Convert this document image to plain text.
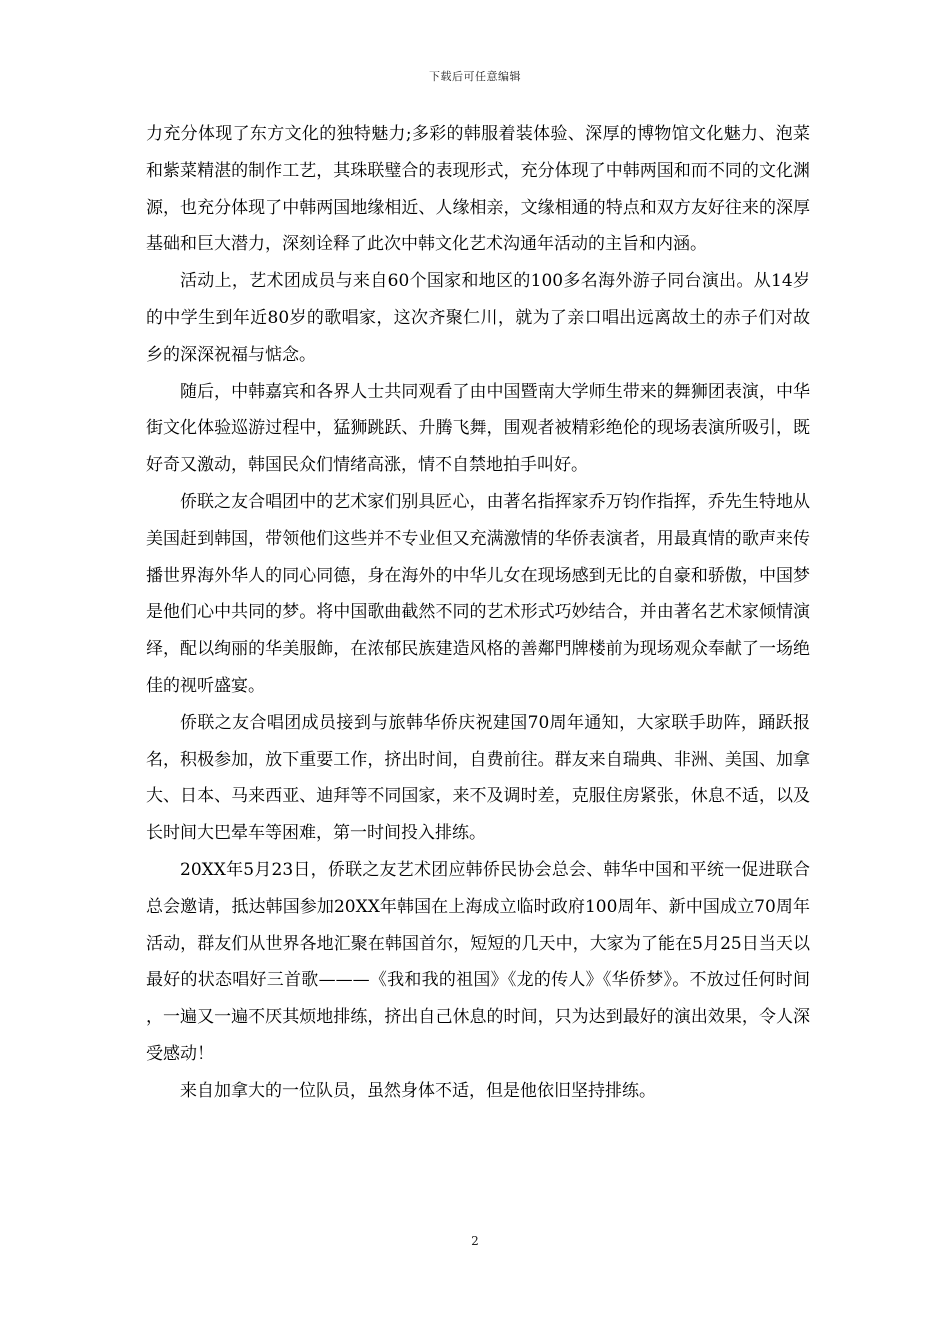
下载后可任意编辑

力充分体现了东方文化的独特魅力;多彩的韩服着装体验、深厚的博物馆文化魅力、泡菜和紫菜精湛的制作工艺，其珠联璧合的表现形式，充分体现了中韩两国和而不同的文化渊源，也充分体现了中韩两国地缘相近、人缘相亲，文缘相通的特点和双方友好往来的深厚基础和巨大潜力，深刻诠释了此次中韩文化艺术沟通年活动的主旨和内涵。

活动上，艺术团成员与来自60个国家和地区的100多名海外游子同台演出。从14岁的中学生到年近80岁的歌唱家，这次齐聚仁川，就为了亲口唱出远离故土的赤子们对故乡的深深祝福与惦念。

随后，中韩嘉宾和各界人士共同观看了由中国暨南大学师生带来的舞狮团表演，中华街文化体验巡游过程中，猛狮跳跃、升腾飞舞，围观者被精彩绝伦的现场表演所吸引，既好奇又激动，韩国民众们情绪高涨，情不自禁地拍手叫好。

侨联之友合唱团中的艺术家们别具匠心，由著名指挥家乔万钧作指挥，乔先生特地从美国赶到韩国，带领他们这些并不专业但又充满激情的华侨表演者，用最真情的歌声来传播世界海外华人的同心同德，身在海外的中华儿女在现场感到无比的自豪和骄傲，中国梦是他们心中共同的梦。将中国歌曲截然不同的艺术形式巧妙结合，并由著名艺术家倾情演绎，配以绚丽的华美服飾，在浓郁民族建造风格的善鄰門牌楼前为现场观众奉献了一场绝佳的视听盛宴。

侨联之友合唱团成员接到与旅韩华侨庆祝建国70周年通知，大家联手助阵，踊跃报名，积极参加，放下重要工作，挤出时间，自费前往。群友来自瑞典、非洲、美国、加拿大、日本、马来西亚、迪拜等不同国家，来不及调时差，克服住房紧张，休息不适，以及长时间大巴晕车等困难，第一时间投入排练。

20XX年5月23日，侨联之友艺术团应韩侨民协会总会、韩华中国和平统一促进联合总会邀请，抵达韩国参加20XX年韩国在上海成立临时政府100周年、新中国成立70周年活动，群友们从世界各地汇聚在韩国首尔，短短的几天中，大家为了能在5月25日当天以最好的状态唱好三首歌———《我和我的祖国》《龙的传人》《华侨梦》。不放过任何时间，一遍又一遍不厌其烦地排练，挤出自己休息的时间，只为达到最好的演出效果，令人深受感动！

来自加拿大的一位队员，虽然身体不适，但是他依旧坚持排练。

2
